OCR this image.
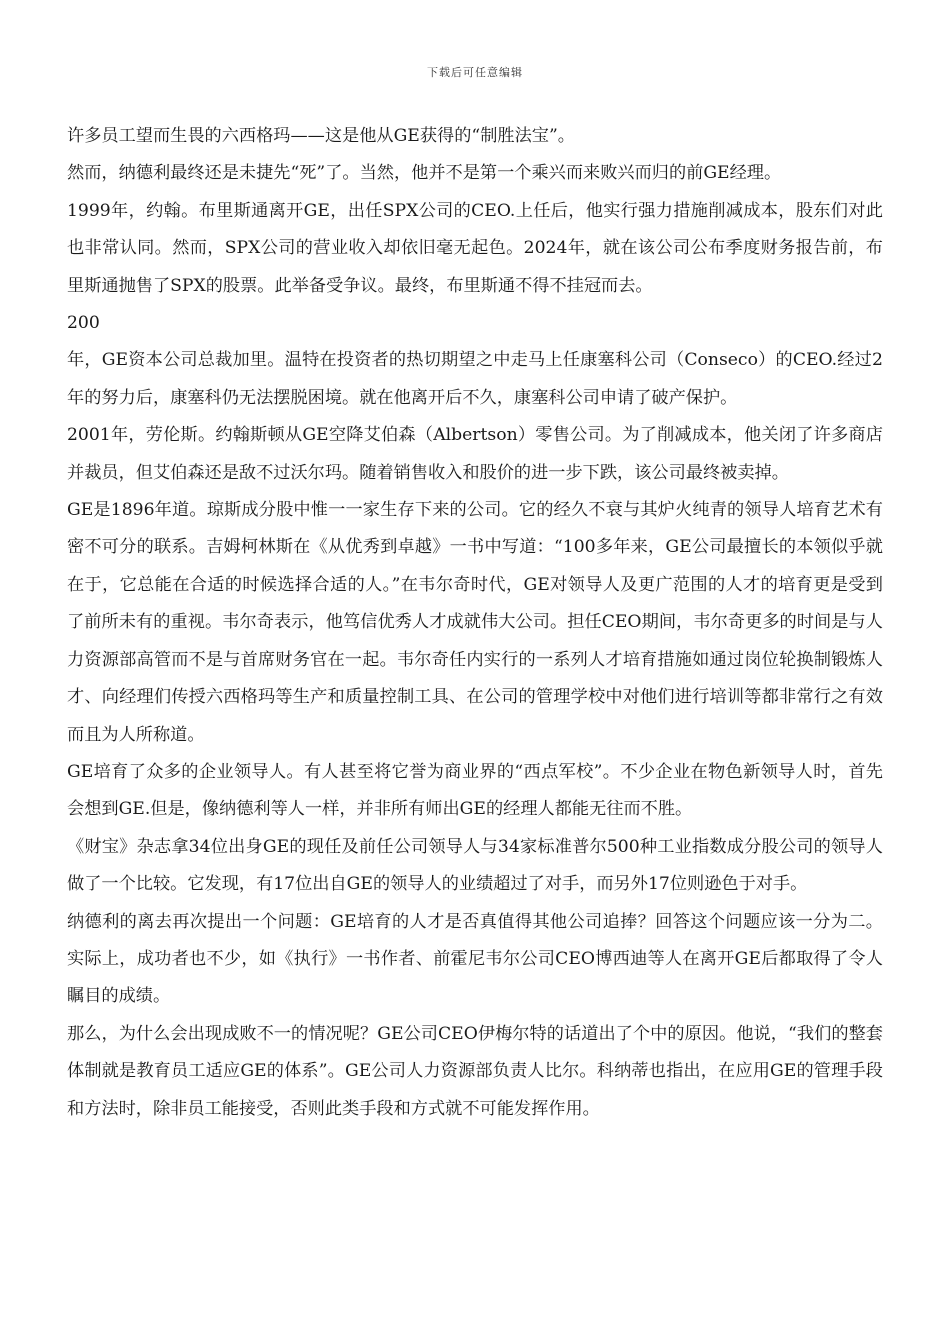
下载后可任意编辑

许多员工望而生畏的六西格玛——这是他从GE获得的“制胜法宝”。

然而，纳德利最终还是未捷先“死”了。当然，他并不是第一个乘兴而来败兴而归的前GE经理。

1999年，约翰。布里斯通离开GE，出任SPX公司的CEO.上任后，他实行强力措施削减成本，股东们对此也非常认同。然而，SPX公司的营业收入却依旧毫无起色。2024年，就在该公司公布季度财务报告前，布里斯通抛售了SPX的股票。此举备受争议。最终，布里斯通不得不挂冠而去。

200

年，GE资本公司总裁加里。温特在投资者的热切期望之中走马上任康塞科公司（Conseco）的CEO.经过2年的努力后，康塞科仍无法摆脱困境。就在他离开后不久，康塞科公司申请了破产保护。

2001年，劳伦斯。约翰斯顿从GE空降艾伯森（Albertson）零售公司。为了削减成本，他关闭了许多商店并裁员，但艾伯森还是敌不过沃尔玛。随着销售收入和股价的进一步下跌，该公司最终被卖掉。

GE是1896年道。琼斯成分股中惟一一家生存下来的公司。它的经久不衰与其炉火纯青的领导人培育艺术有密不可分的联系。吉姆柯林斯在《从优秀到卓越》一书中写道：“100多年来，GE公司最擅长的本领似乎就在于，它总能在合适的时候选择合适的人。”在韦尔奇时代，GE对领导人及更广范围的人才的培育更是受到了前所未有的重视。韦尔奇表示，他笃信优秀人才成就伟大公司。担任CEO期间，韦尔奇更多的时间是与人力资源部高管而不是与首席财务官在一起。韦尔奇任内实行的一系列人才培育措施如通过岗位轮换制锻炼人才、向经理们传授六西格玛等生产和质量控制工具、在公司的管理学校中对他们进行培训等都非常行之有效而且为人所称道。

GE培育了众多的企业领导人。有人甚至将它誉为商业界的“西点军校”。不少企业在物色新领导人时，首先会想到GE.但是，像纳德利等人一样，并非所有师出GE的经理人都能无往而不胜。

《财宝》杂志拿34位出身GE的现任及前任公司领导人与34家标准普尔500种工业指数成分股公司的领导人做了一个比较。它发现，有17位出自GE的领导人的业绩超过了对手，而另外17位则逊色于对手。

纳德利的离去再次提出一个问题：GE培育的人才是否真值得其他公司追捧？回答这个问题应该一分为二。实际上，成功者也不少，如《执行》一书作者、前霍尼韦尔公司CEO博西迪等人在离开GE后都取得了令人瞩目的成绩。

那么，为什么会出现成败不一的情况呢？GE公司CEO伊梅尔特的话道出了个中的原因。他说，“我们的整套体制就是教育员工适应GE的体系”。GE公司人力资源部负责人比尔。科纳蒂也指出，在应用GE的管理手段和方法时，除非员工能接受，否则此类手段和方式就不可能发挥作用。
